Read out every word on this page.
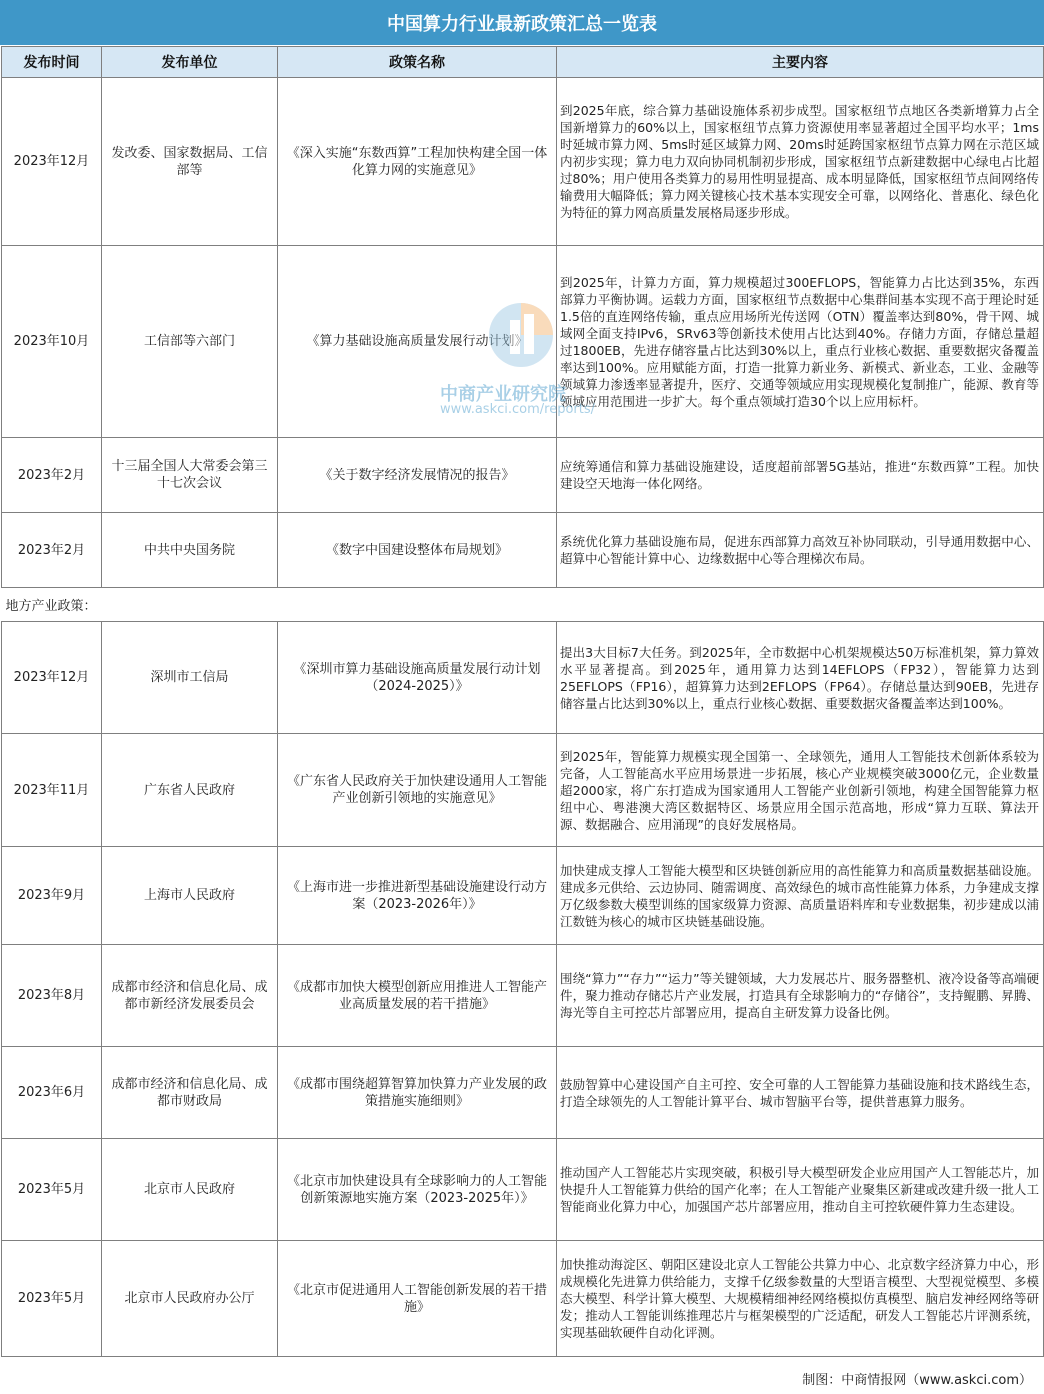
中国算力行业最新政策汇总一览表
发布时间	发布单位	政策名称	主要内容
2023年12月	发改委、国家数据局、工信部等	《深入实施“东数西算”工程加快构建全国一体化算力网的实施意见》	到2025年底，综合算力基础设施体系初步成型。国家枢纽节点地区各类新增算力占全国新增算力的60%以上，国家枢纽节点算力资源使用率显著超过全国平均水平；1ms时延城市算力网、5ms时延区域算力网、20ms时延跨国家枢纽节点算力网在示范区域内初步实现；算力电力双向协同机制初步形成，国家枢纽节点新建数据中心绿电占比超过80%；用户使用各类算力的易用性明显提高、成本明显降低，国家枢纽节点间网络传输费用大幅降低；算力网关键核心技术基本实现安全可靠，以网络化、普惠化、绿色化为特征的算力网高质量发展格局逐步形成。
2023年10月	工信部等六部门	《算力基础设施高质量发展行动计划》	到2025年，计算力方面，算力规模超过300EFLOPS，智能算力占比达到35%，东西部算力平衡协调。运载力方面，国家枢纽节点数据中心集群间基本实现不高于理论时延1.5倍的直连网络传输，重点应用场所光传送网（OTN）覆盖率达到80%，骨干网、城域网全面支持IPv6，SRv63等创新技术使用占比达到40%。存储力方面，存储总量超过1800EB，先进存储容量占比达到30%以上，重点行业核心数据、重要数据灾备覆盖率达到100%。应用赋能方面，打造一批算力新业务、新模式、新业态，工业、金融等领域算力渗透率显著提升，医疗、交通等领域应用实现规模化复制推广，能源、教育等领域应用范围进一步扩大。每个重点领域打造30个以上应用标杆。
2023年2月	十三届全国人大常委会第三十七次会议	《关于数字经济发展情况的报告》	应统筹通信和算力基础设施建设，适度超前部署5G基站，推进“东数西算”工程。加快建设空天地海一体化网络。
2023年2月	中共中央国务院	《数字中国建设整体布局规划》	系统优化算力基础设施布局，促进东西部算力高效互补协同联动，引导通用数据中心、超算中心智能计算中心、边缘数据中心等合理梯次布局。
地方产业政策：			
2023年12月	深圳市工信局	《深圳市算力基础设施高质量发展行动计划（2024-2025）》	提出3大目标7大任务。到2025年，全市数据中心机架规模达50万标准机架，算力算效水平显著提高。到2025年，通用算力达到14EFLOPS（FP32），智能算力达到25EFLOPS（FP16），超算算力达到2EFLOPS（FP64）。存储总量达到90EB，先进存储容量占比达到30%以上，重点行业核心数据、重要数据灾备覆盖率达到100%。
2023年11月	广东省人民政府	《广东省人民政府关于加快建设通用人工智能产业创新引领地的实施意见》	到2025年，智能算力规模实现全国第一、全球领先，通用人工智能技术创新体系较为完备，人工智能高水平应用场景进一步拓展，核心产业规模突破3000亿元，企业数量超2000家，将广东打造成为国家通用人工智能产业创新引领地，构建全国智能算力枢纽中心、粤港澳大湾区数据特区、场景应用全国示范高地，形成“算力互联、算法开源、数据融合、应用涌现”的良好发展格局。
2023年9月	上海市人民政府	《上海市进一步推进新型基础设施建设行动方案（2023-2026年）》	加快建成支撑人工智能大模型和区块链创新应用的高性能算力和高质量数据基础设施。建成多元供给、云边协同、随需调度、高效绿色的城市高性能算力体系，力争建成支撑万亿级参数大模型训练的国家级算力资源、高质量语料库和专业数据集，初步建成以浦江数链为核心的城市区块链基础设施。
2023年8月	成都市经济和信息化局、成都市新经济发展委员会	《成都市加快大模型创新应用推进人工智能产业高质量发展的若干措施》	围绕“算力”“存力”“运力”等关键领域，大力发展芯片、服务器整机、液冷设备等高端硬件，聚力推动存储芯片产业发展，打造具有全球影响力的“存储谷”，支持鲲鹏、昇腾、海光等自主可控芯片部署应用，提高自主研发算力设备比例。
2023年6月	成都市经济和信息化局、成都市财政局	《成都市围绕超算智算加快算力产业发展的政策措施实施细则》	鼓励智算中心建设国产自主可控、安全可靠的人工智能算力基础设施和技术路线生态，打造全球领先的人工智能计算平台、城市智脑平台等，提供普惠算力服务。
2023年5月	北京市人民政府	《北京市加快建设具有全球影响力的人工智能创新策源地实施方案（2023-2025年）》	推动国产人工智能芯片实现突破，积极引导大模型研发企业应用国产人工智能芯片，加快提升人工智能算力供给的国产化率；在人工智能产业聚集区新建或改建升级一批人工智能商业化算力中心，加强国产芯片部署应用，推动自主可控软硬件算力生态建设。
2023年5月	北京市人民政府办公厅	《北京市促进通用人工智能创新发展的若干措施》	加快推动海淀区、朝阳区建设北京人工智能公共算力中心、北京数字经济算力中心，形成规模化先进算力供给能力，支撑千亿级参数量的大型语言模型、大型视觉模型、多模态大模型、科学计算大模型、大规模精细神经网络模拟仿真模型、脑启发神经网络等研发；推动人工智能训练推理芯片与框架模型的广泛适配，研发人工智能芯片评测系统，实现基础软硬件自动化评测。
中商产业研究院
www.askci.com/reports/
制图：中商情报网（www.askci.com）
